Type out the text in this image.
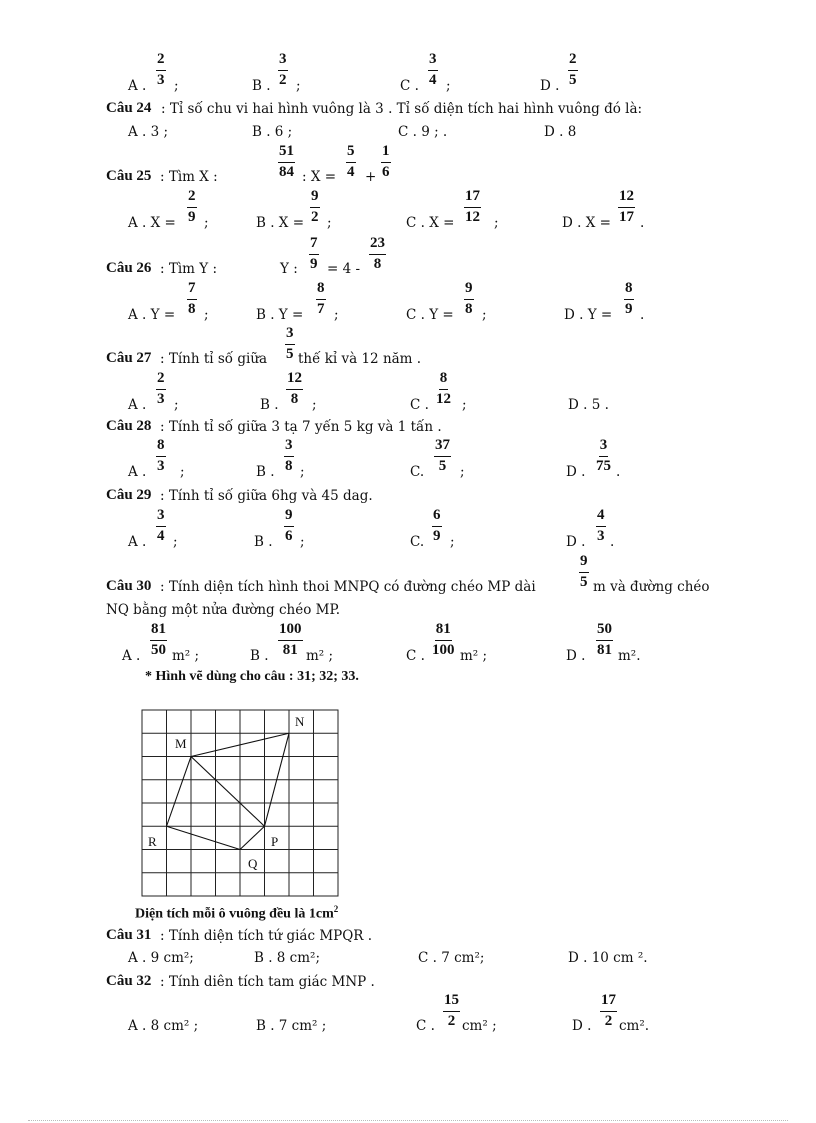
A . $\frac{2}{3}$ ;	B . $\frac{3}{2}$ ;	C . $\frac{3}{4}$ ;	D . $\frac{2}{5}$
Câu 24 : Tỉ số chu vi hai hình vuông là 3 . Tỉ số diện tích hai hình vuông đó là:
A . 3 ;	B . 6 ;	C . 9 ; .	D . 8
Câu 25 : Tìm X :	$\frac{51}{84}$ : $X = \frac{5}{4} + \frac{1}{6}$
A . $X = \frac{2}{9}$ ;	B . $X = \frac{9}{2}$ ;	C . $X = \frac{17}{12}$ ;	D . $X = \frac{12}{17}$ .
Câu 26 : Tìm Y :	Y : $\frac{7}{9} = 4 - \frac{23}{8}$
A . $Y = \frac{7}{8}$ ;	B . $Y = \frac{8}{7}$ ;	C . $Y = \frac{9}{8}$ ;	D . $Y = \frac{8}{9}$ .
Câu 27 : Tính tỉ số giữa $\frac{3}{5}$ thế kỉ và 12 năm .
A . $\frac{2}{3}$ ;	B . $\frac{12}{8}$ ;	C . $\frac{8}{12}$ ;	D . 5 .
Câu 28 : Tính tỉ số giữa 3 tạ 7 yến 5 kg và 1 tấn .
A . $\frac{8}{3}$ ;	B . $\frac{3}{8}$ ;	C. $\frac{37}{5}$ ;	D . $\frac{3}{75}$ .
Câu 29 : Tính tỉ số giữa 6hg và 45 dag.
A . $\frac{3}{4}$ ;	B . $\frac{9}{6}$ ;	C. $\frac{6}{9}$ ;	D . $\frac{4}{3}$ .
Câu 30 : Tính diện tích hình thoi MNPQ có đường chéo MP dài	$\frac{9}{5}$ m và đường chéo
NQ bằng một nửa đường chéo MP.
A . $\frac{81}{50} m^2$ ;	B . $\frac{100}{81} m^2$ ;	C . $\frac{81}{100} m^2$ ;	D . $\frac{50}{81} m^2$.
* Hình vẽ dùng cho câu : 31; 32; 33.
M
N
R	P
Q
Diện tích mỗi ô vuông đều là $1cm^2$
Câu 31 : Tính diện tích tứ giác MPQR .
A . 9 cm²;	B . 8 cm²;	C . 7 cm²;	D . 10 cm ².
Câu 32 : Tính diên tích tam giác MNP .
A . 8 cm² ;	B . 7 cm² ;	C . $\frac{15}{2} cm^2$ ;	D . $\frac{17}{2} cm^2$.
